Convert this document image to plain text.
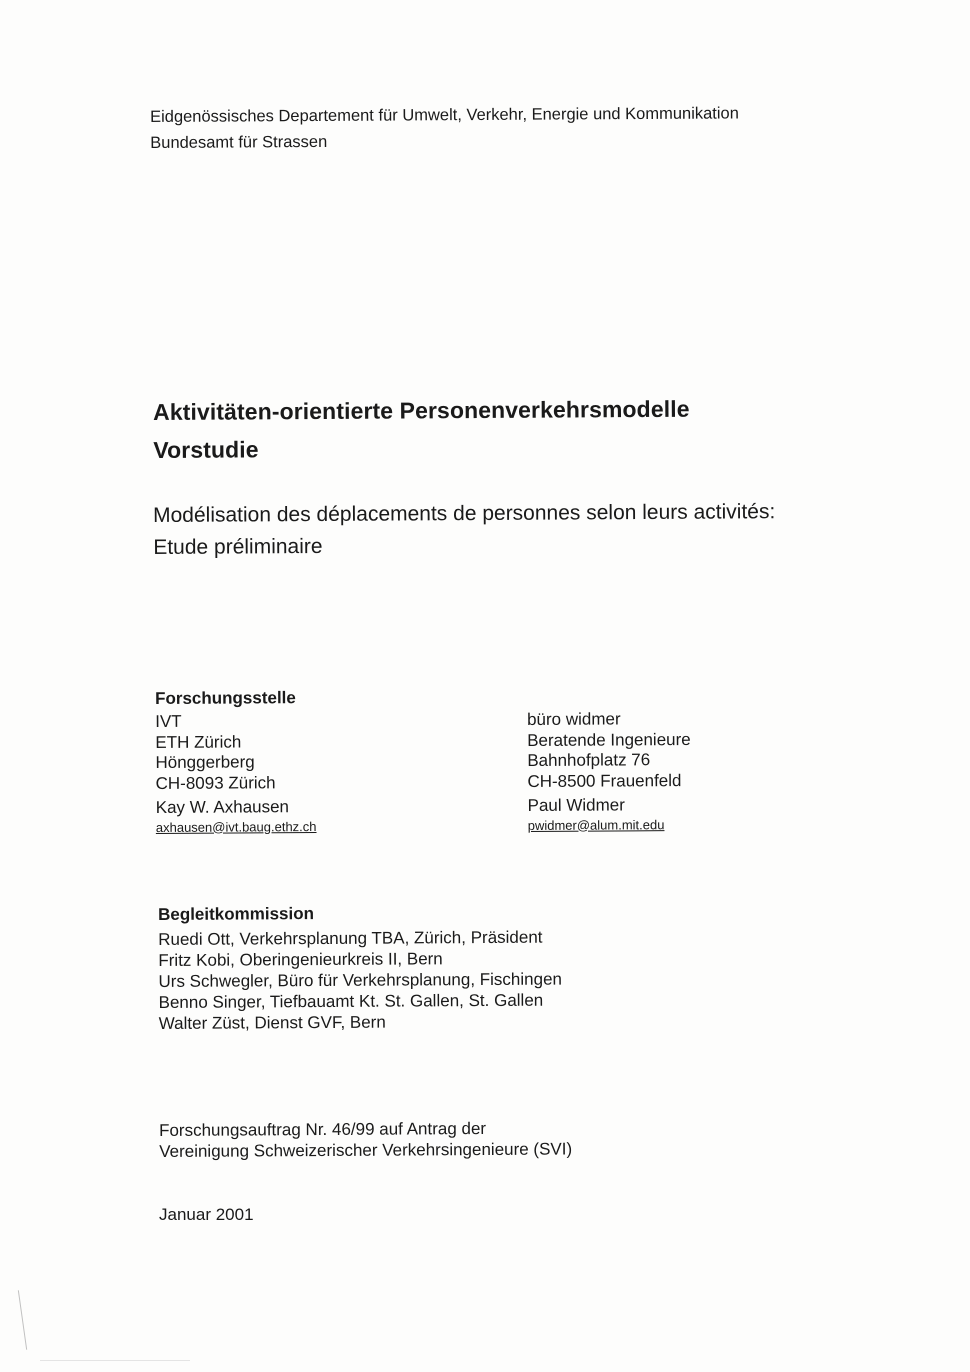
Eidgenössisches Departement für Umwelt, Verkehr, Energie und Kommunikation
Bundesamt für Strassen
Aktivitäten-orientierte Personenverkehrsmodelle
Vorstudie
Modélisation des déplacements de personnes selon leurs activités:
Etude préliminaire
Forschungsstelle
IVT
ETH Zürich
Hönggerberg
CH-8093 Zürich
Kay W. Axhausen
axhausen@ivt.baug.ethz.ch
büro widmer
Beratende Ingenieure
Bahnhofplatz 76
CH-8500 Frauenfeld
Paul Widmer
pwidmer@alum.mit.edu
Begleitkommission
Ruedi Ott, Verkehrsplanung TBA, Zürich, Präsident
Fritz Kobi, Oberingenieurkreis II, Bern
Urs Schwegler, Büro für Verkehrsplanung, Fischingen
Benno Singer, Tiefbauamt Kt. St. Gallen, St. Gallen
Walter Züst, Dienst GVF, Bern
Forschungsauftrag Nr. 46/99 auf Antrag der
Vereinigung Schweizerischer Verkehrsingenieure (SVI)
Januar 2001
